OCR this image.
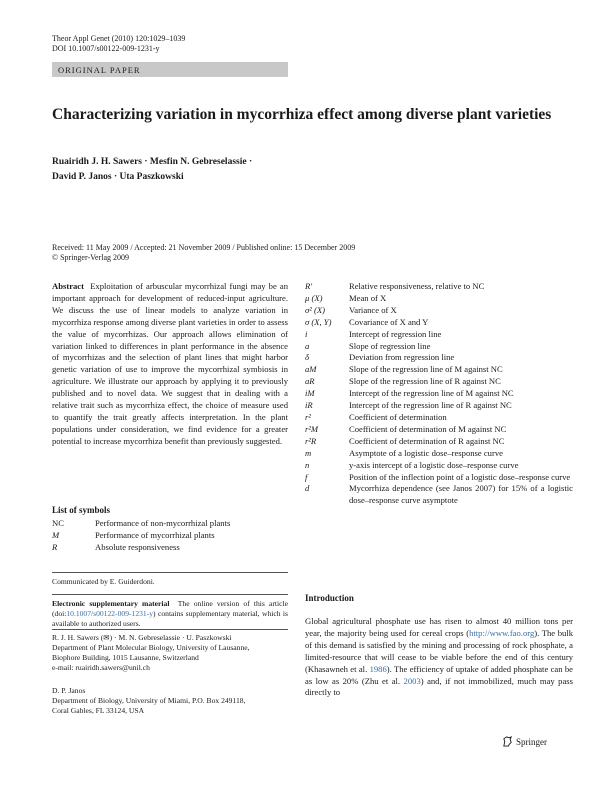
Theor Appl Genet (2010) 120:1029–1039
DOI 10.1007/s00122-009-1231-y
ORIGINAL PAPER
Characterizing variation in mycorrhiza effect among diverse plant varieties
Ruairidh J. H. Sawers · Mesfin N. Gebreselassie ·
David P. Janos · Uta Paszkowski
Received: 11 May 2009 / Accepted: 21 November 2009 / Published online: 15 December 2009
© Springer-Verlag 2009
Abstract Exploitation of arbuscular mycorrhizal fungi may be an important approach for development of reduced-input agriculture. We discuss the use of linear models to analyze variation in mycorrhiza response among diverse plant varieties in order to assess the value of mycorrhizas. Our approach allows elimination of variation linked to differences in plant performance in the absence of mycorrhizas and the selection of plant lines that might harbor genetic variation of use to improve the mycorrhizal symbiosis in agriculture. We illustrate our approach by applying it to previously published and to novel data. We suggest that in dealing with a relative trait such as mycorrhiza effect, the choice of measure used to quantify the trait greatly affects interpretation. In the plant populations under consideration, we find evidence for a greater potential to increase mycorrhiza benefit than previously suggested.
List of symbols
NC	Performance of non-mycorrhizal plants
M	Performance of mycorrhizal plants
R	Absolute responsiveness
Communicated by E. Guiderdoni.
Electronic supplementary material The online version of this article (doi:10.1007/s00122-009-1231-y) contains supplementary material, which is available to authorized users.
R. J. H. Sawers (✉) · M. N. Gebreselassie · U. Paszkowski
Department of Plant Molecular Biology, University of Lausanne,
Biophore Building, 1015 Lausanne, Switzerland
e-mail: ruairidh.sawers@unil.ch
D. P. Janos
Department of Biology, University of Miami, P.O. Box 249118,
Coral Gables, FL 33124, USA
R′	Relative responsiveness, relative to NC
μ (X)	Mean of X
σ² (X)	Variance of X
σ (X, Y)	Covariance of X and Y
i	Intercept of regression line
a	Slope of regression line
δ	Deviation from regression line
aM	Slope of the regression line of M against NC
aR	Slope of the regression line of R against NC
iM	Intercept of the regression line of M against NC
iR	Intercept of the regression line of R against NC
r²	Coefficient of determination
r²M	Coefficient of determination of M against NC
r²R	Coefficient of determination of R against NC
m	Asymptote of a logistic dose–response curve
n	y-axis intercept of a logistic dose–response curve
f	Position of the inflection point of a logistic dose–response curve
d	Mycorrhiza dependence (see Janos 2007) for 15% of a logistic dose–response curve asymptote
Introduction
Global agricultural phosphate use has risen to almost 40 million tons per year, the majority being used for cereal crops (http://www.fao.org). The bulk of this demand is satisfied by the mining and processing of rock phosphate, a limited-resource that will cease to be viable before the end of this century (Khasawneh et al. 1986). The efficiency of uptake of added phosphate can be as low as 20% (Zhu et al. 2003) and, if not immobilized, much may pass directly to
Springer
